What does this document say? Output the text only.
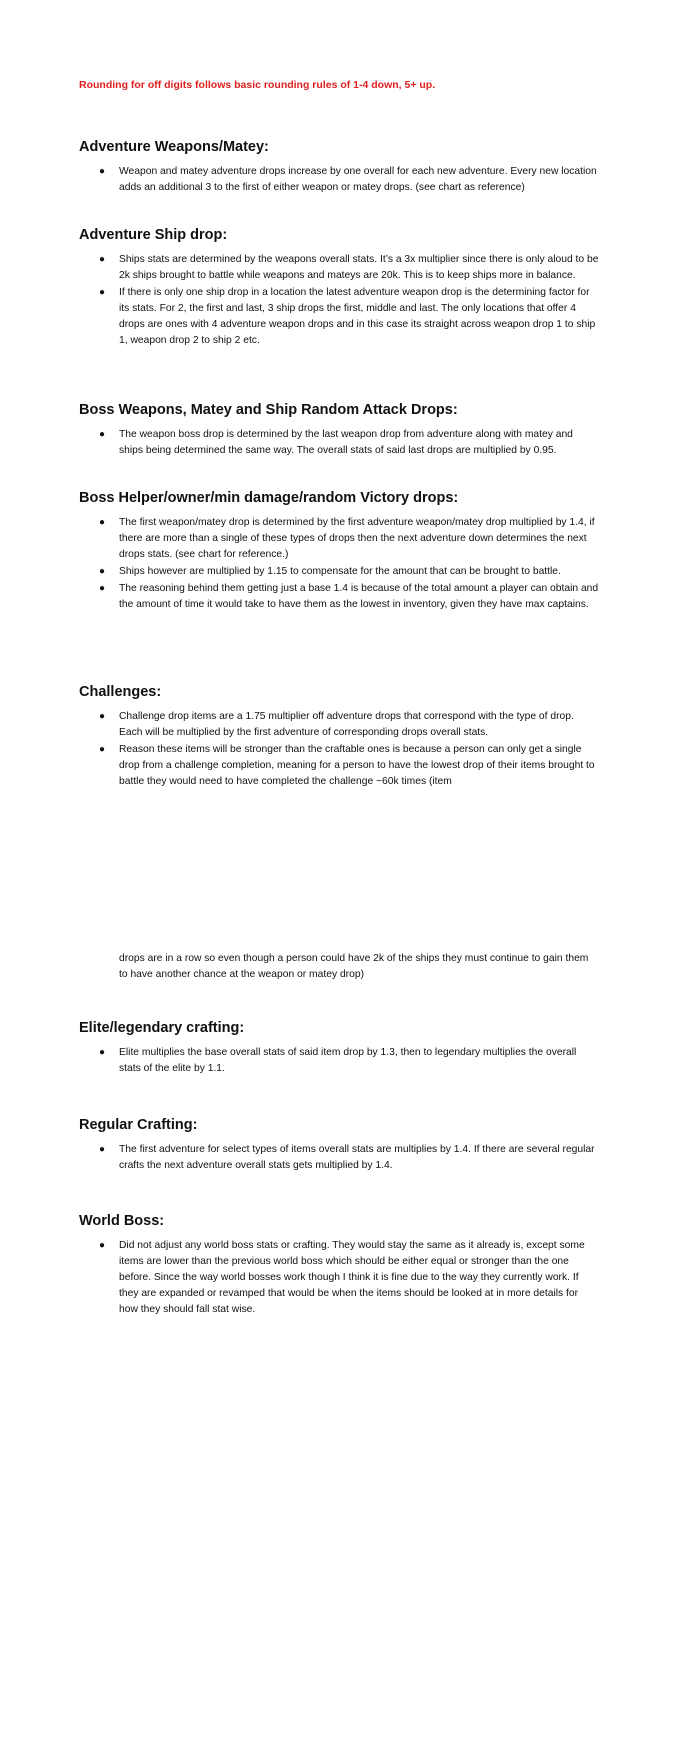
Rounding for off digits follows basic rounding rules of 1-4 down, 5+ up.

Adventure Weapons/Matey:
● Weapon and matey adventure drops increase by one overall for each new adventure. Every new location adds an additional 3 to the first of either weapon or matey drops. (see chart as reference)
Adventure Ship drop:
● Ships stats are determined by the weapons overall stats. It’s a 3x multiplier since there is only aloud to be 2k ships brought to battle while weapons and mateys are 20k. This is to keep ships more in balance.
● If there is only one ship drop in a location the latest adventure weapon drop is the determining factor for its stats. For 2, the first and last, 3 ship drops the first, middle and last. The only locations that offer 4 drops are ones with 4 adventure weapon drops and in this case its straight across weapon drop 1 to ship 1, weapon drop 2 to ship 2 etc.
Boss Weapons, Matey and Ship Random Attack Drops:
● The weapon boss drop is determined by the last weapon drop from adventure along with matey and ships being determined the same way. The overall stats of said last drops are multiplied by 0.95.
Boss Helper/owner/min damage/random Victory drops:
● The first weapon/matey drop is determined by the first adventure weapon/matey drop multiplied by 1.4, if there are more than a single of these types of drops then the next adventure down determines the next drops stats. (see chart for reference.)
● Ships however are multiplied by 1.15 to compensate for the amount that can be brought to battle.
● The reasoning behind them getting just a base 1.4 is because of the total amount a player can obtain and the amount of time it would take to have them as the lowest in inventory, given they have max captains.
Challenges:
● Challenge drop items are a 1.75 multiplier off adventure drops that correspond with the type of drop. Each will be multiplied by the first adventure of corresponding drops overall stats.
● Reason these items will be stronger than the craftable ones is because a person can only get a single drop from a challenge completion, meaning for a person to have the lowest drop of their items brought to battle they would need to have completed the challenge ~60k times (item

drops are in a row so even though a person could have 2k of the ships they must continue to gain them to have another chance at the weapon or matey drop)

Elite/legendary crafting:
● Elite multiplies the base overall stats of said item drop by 1.3, then to legendary multiplies the overall stats of the elite by 1.1.
Regular Crafting:
● The first adventure for select types of items overall stats are multiplies by 1.4. If there are several regular crafts the next adventure overall stats gets multiplied by 1.4.
World Boss:
● Did not adjust any world boss stats or crafting. They would stay the same as it already is, except some items are lower than the previous world boss which should be either equal or stronger than the one before. Since the way world bosses work though I think it is fine due to the way they currently work. If they are expanded or revamped that would be when the items should be looked at in more details for how they should fall stat wise.
